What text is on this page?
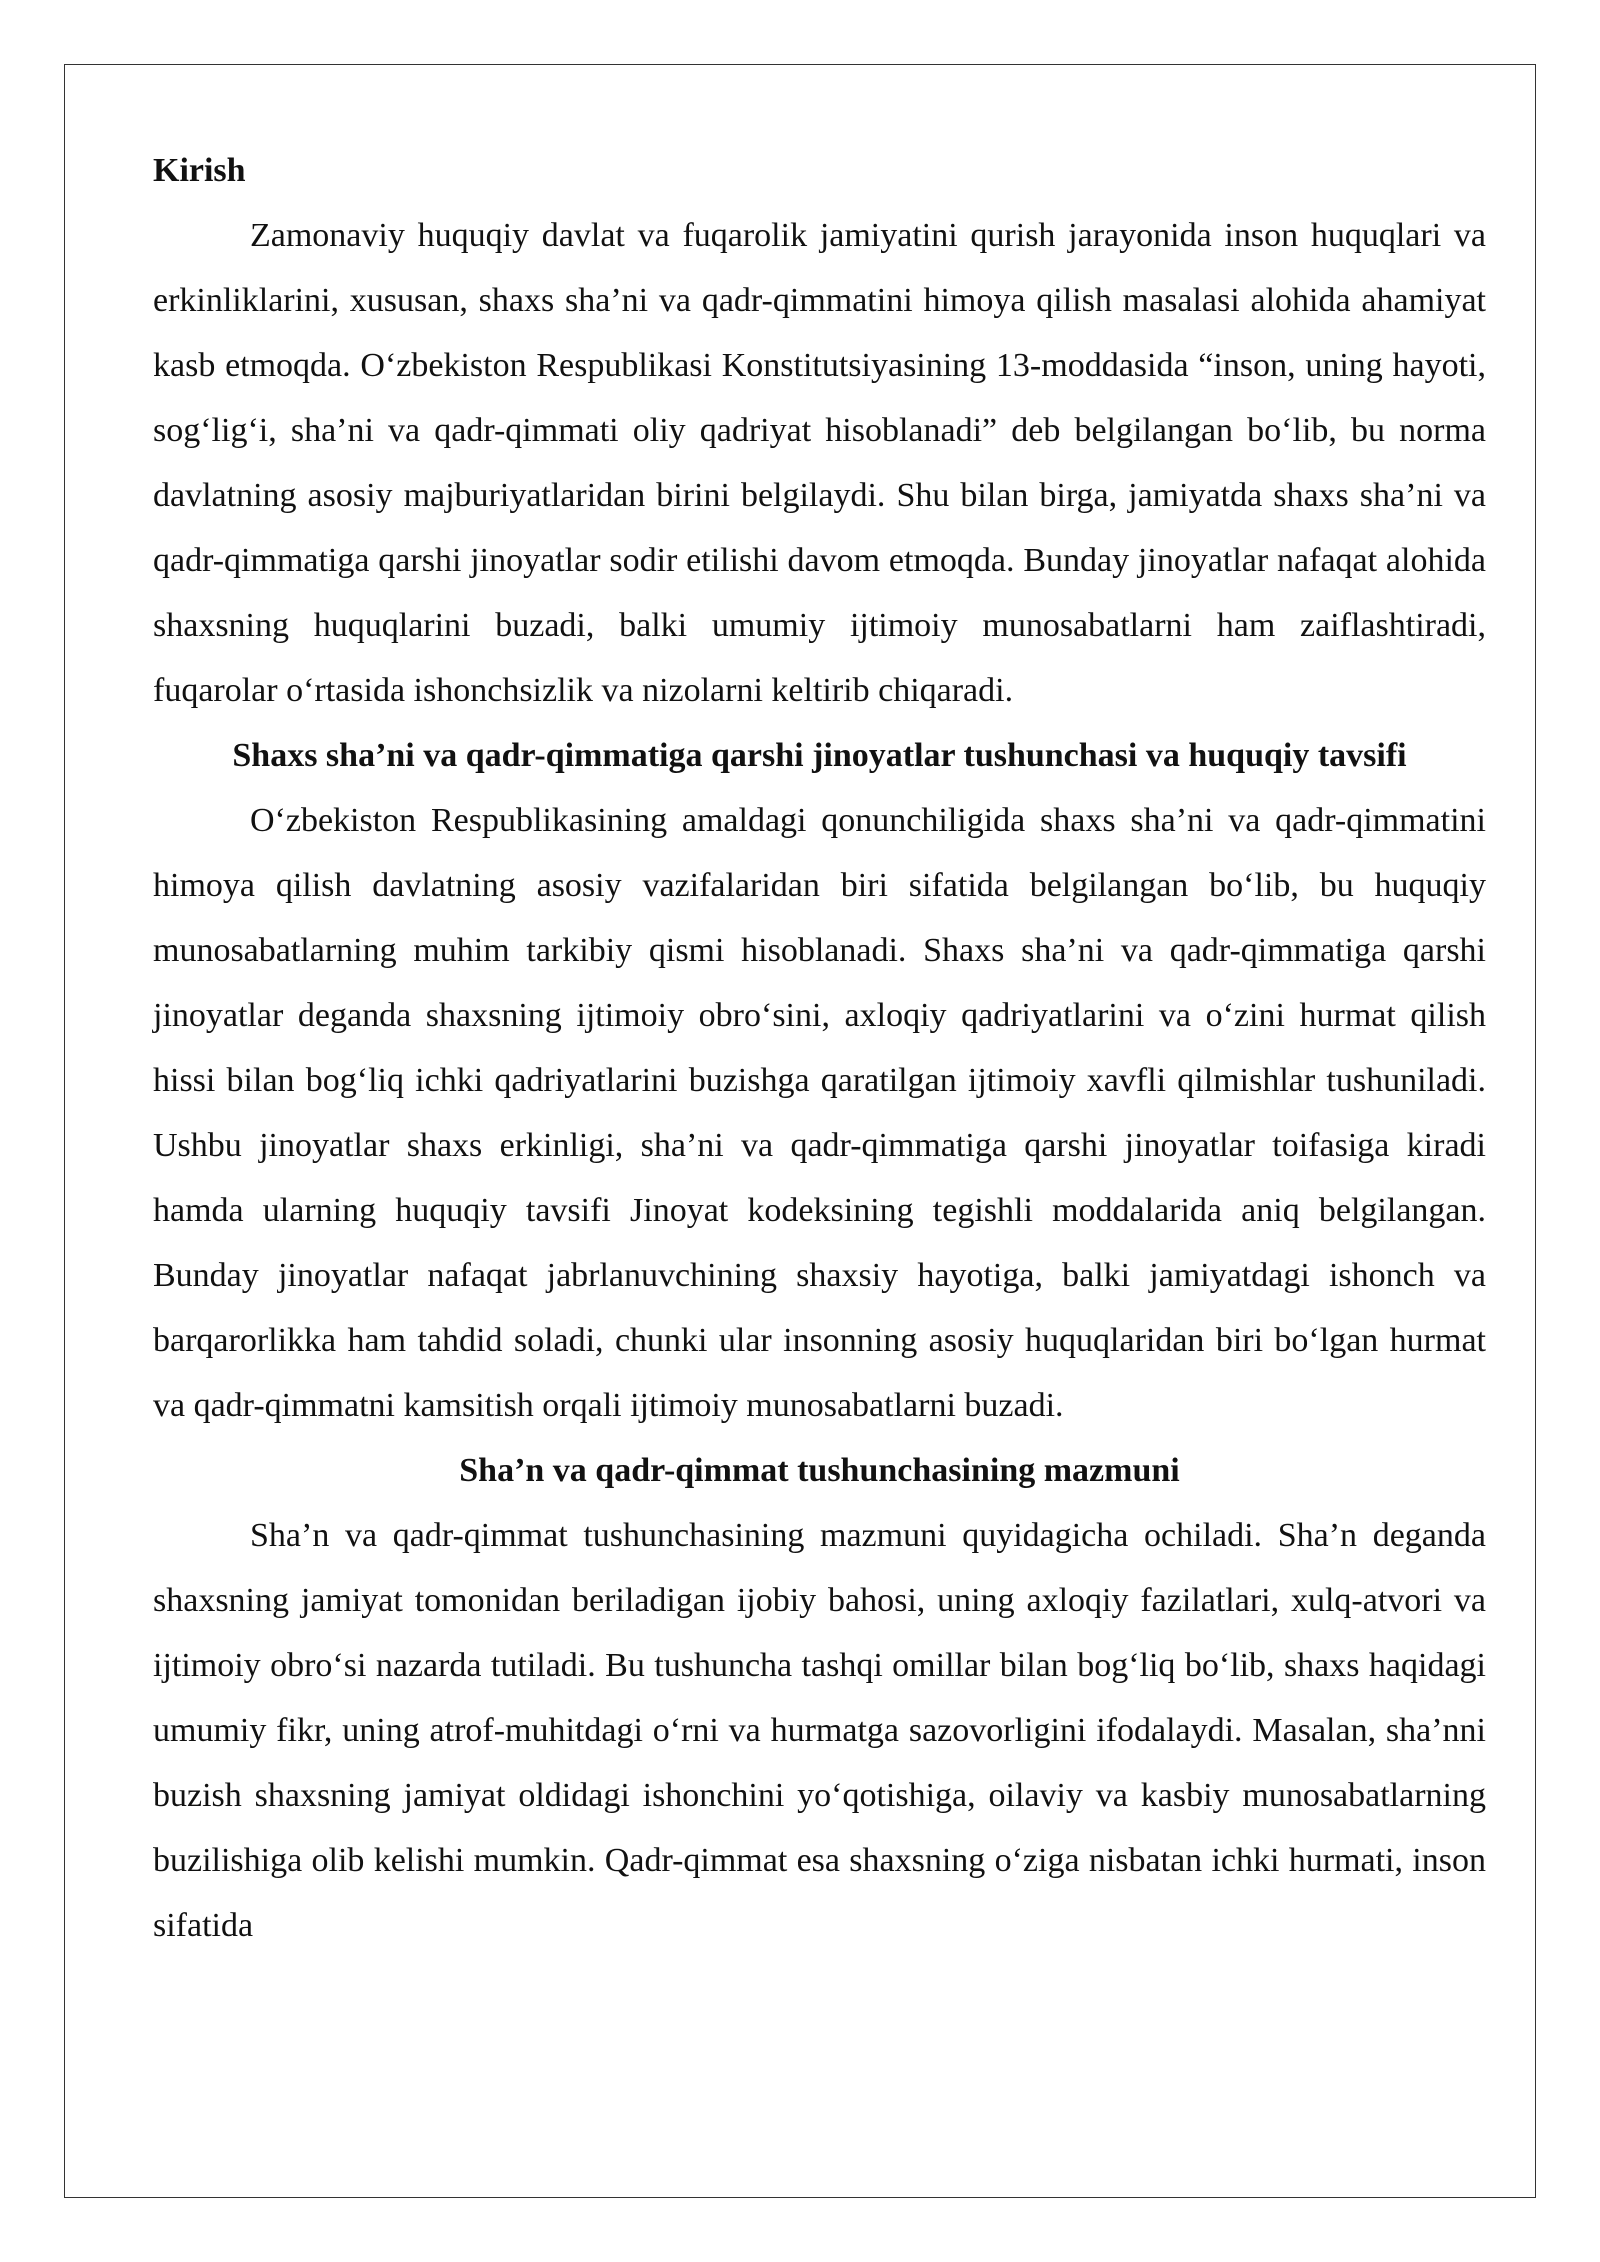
Kirish

Zamonaviy huquqiy davlat va fuqarolik jamiyatini qurish jarayonida inson huquqlari va erkinliklarini, xususan, shaxs sha’ni va qadr-qimmatini himoya qilish masalasi alohida ahamiyat kasb etmoqda. O‘zbekiston Respublikasi Konstitutsiyasining 13-moddasida “inson, uning hayoti, sog‘lig‘i, sha’ni va qadr-qimmati oliy qadriyat hisoblanadi” deb belgilangan bo‘lib, bu norma davlatning asosiy majburiyatlaridan birini belgilaydi. Shu bilan birga, jamiyatda shaxs sha’ni va qadr-qimmatiga qarshi jinoyatlar sodir etilishi davom etmoqda. Bunday jinoyatlar nafaqat alohida shaxsning huquqlarini buzadi, balki umumiy ijtimoiy munosabatlarni ham zaiflashtiradi, fuqarolar o‘rtasida ishonchsizlik va nizolarni keltirib chiqaradi.

Shaxs sha’ni va qadr-qimmatiga qarshi jinoyatlar tushunchasi va huquqiy tavsifi

O‘zbekiston Respublikasining amaldagi qonunchiligida shaxs sha’ni va qadr-qimmatini himoya qilish davlatning asosiy vazifalaridan biri sifatida belgilangan bo‘lib, bu huquqiy munosabatlarning muhim tarkibiy qismi hisoblanadi. Shaxs sha’ni va qadr-qimmatiga qarshi jinoyatlar deganda shaxsning ijtimoiy obro‘sini, axloqiy qadriyatlarini va o‘zini hurmat qilish hissi bilan bog‘liq ichki qadriyatlarini buzishga qaratilgan ijtimoiy xavfli qilmishlar tushuniladi. Ushbu jinoyatlar shaxs erkinligi, sha’ni va qadr-qimmatiga qarshi jinoyatlar toifasiga kiradi hamda ularning huquqiy tavsifi Jinoyat kodeksining tegishli moddalarida aniq belgilangan. Bunday jinoyatlar nafaqat jabrlanuvchining shaxsiy hayotiga, balki jamiyatdagi ishonch va barqarorlikka ham tahdid soladi, chunki ular insonning asosiy huquqlaridan biri bo‘lgan hurmat va qadr-qimmatni kamsitish orqali ijtimoiy munosabatlarni buzadi.

Sha’n va qadr-qimmat tushunchasining mazmuni

Sha’n va qadr-qimmat tushunchasining mazmuni quyidagicha ochiladi. Sha’n deganda shaxsning jamiyat tomonidan beriladigan ijobiy bahosi, uning axloqiy fazilatlari, xulq-atvori va ijtimoiy obro‘si nazarda tutiladi. Bu tushuncha tashqi omillar bilan bog‘liq bo‘lib, shaxs haqidagi umumiy fikr, uning atrof-muhitdagi o‘rni va hurmatga sazovorligini ifodalaydi. Masalan, sha’nni buzish shaxsning jamiyat oldidagi ishonchini yo‘qotishiga, oilaviy va kasbiy munosabatlarning buzilishiga olib kelishi mumkin. Qadr-qimmat esa shaxsning o‘ziga nisbatan ichki hurmati, inson sifatida
